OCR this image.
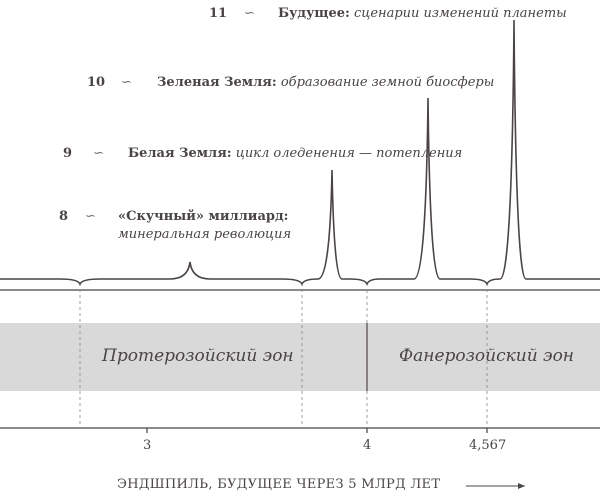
11 ∽ Будущее: сценарии изменений планеты
10 ∽ Зеленая Земля: образование земной биосферы
9 ∽ Белая Земля: цикл оледенения — потепления
8 ∽ «Скучный» миллиард:
минеральная революция
Протерозойский эон	Фанерозойский эон
3	4	4,567
ЭНДШПИЛЬ, БУДУЩЕЕ ЧЕРЕЗ 5 МЛРД ЛЕТ
